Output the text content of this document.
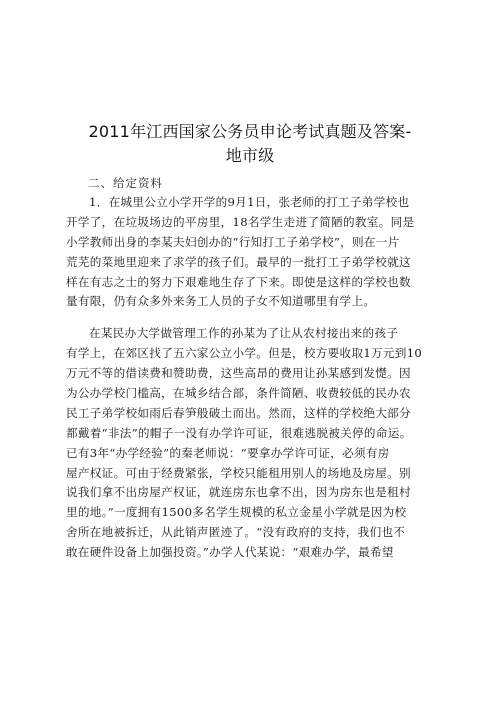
2011年江西国家公务员申论考试真题及答案-
地市级
二、给定资料
1．在城里公立小学开学的9月1日，张老师的打工子弟学校也
开学了，在垃圾场边的平房里，18名学生走进了简陋的教室。同是
小学教师出身的李某夫妇创办的“行知打工子弟学校”，则在一片
荒芜的菜地里迎来了求学的孩子们。最早的一批打工子弟学校就这
样在有志之士的努力下艰难地生存了下来。即使是这样的学校也数
量有限，仍有众多外来务工人员的子女不知道哪里有学上。
在某民办大学做管理工作的孙某为了让从农村接出来的孩子
有学上，在郊区找了五六家公立小学。但是，校方要收取1万元到10
万元不等的借读费和赞助费，这些高昂的费用让孙某感到发憷。因
为公办学校门槛高，在城乡结合部，条件简陋、收费较低的民办农
民工子弟学校如雨后春笋般破土而出。然而，这样的学校绝大部分
都戴着“非法”的帽子一没有办学许可证，很难逃脱被关停的命运。
已有3年“办学经验”的秦老师说：“要拿办学许可证，必须有房
屋产权证。可由于经费紧张，学校只能租用别人的场地及房屋。别
说我们拿不出房屋产权证，就连房东也拿不出，因为房东也是租村
里的地。”一度拥有1500多名学生规模的私立金星小学就是因为校
舍所在地被拆迁，从此销声匿迹了。“没有政府的支持，我们也不
敢在硬件设备上加强投资。”办学人代某说：“艰难办学，最希望
